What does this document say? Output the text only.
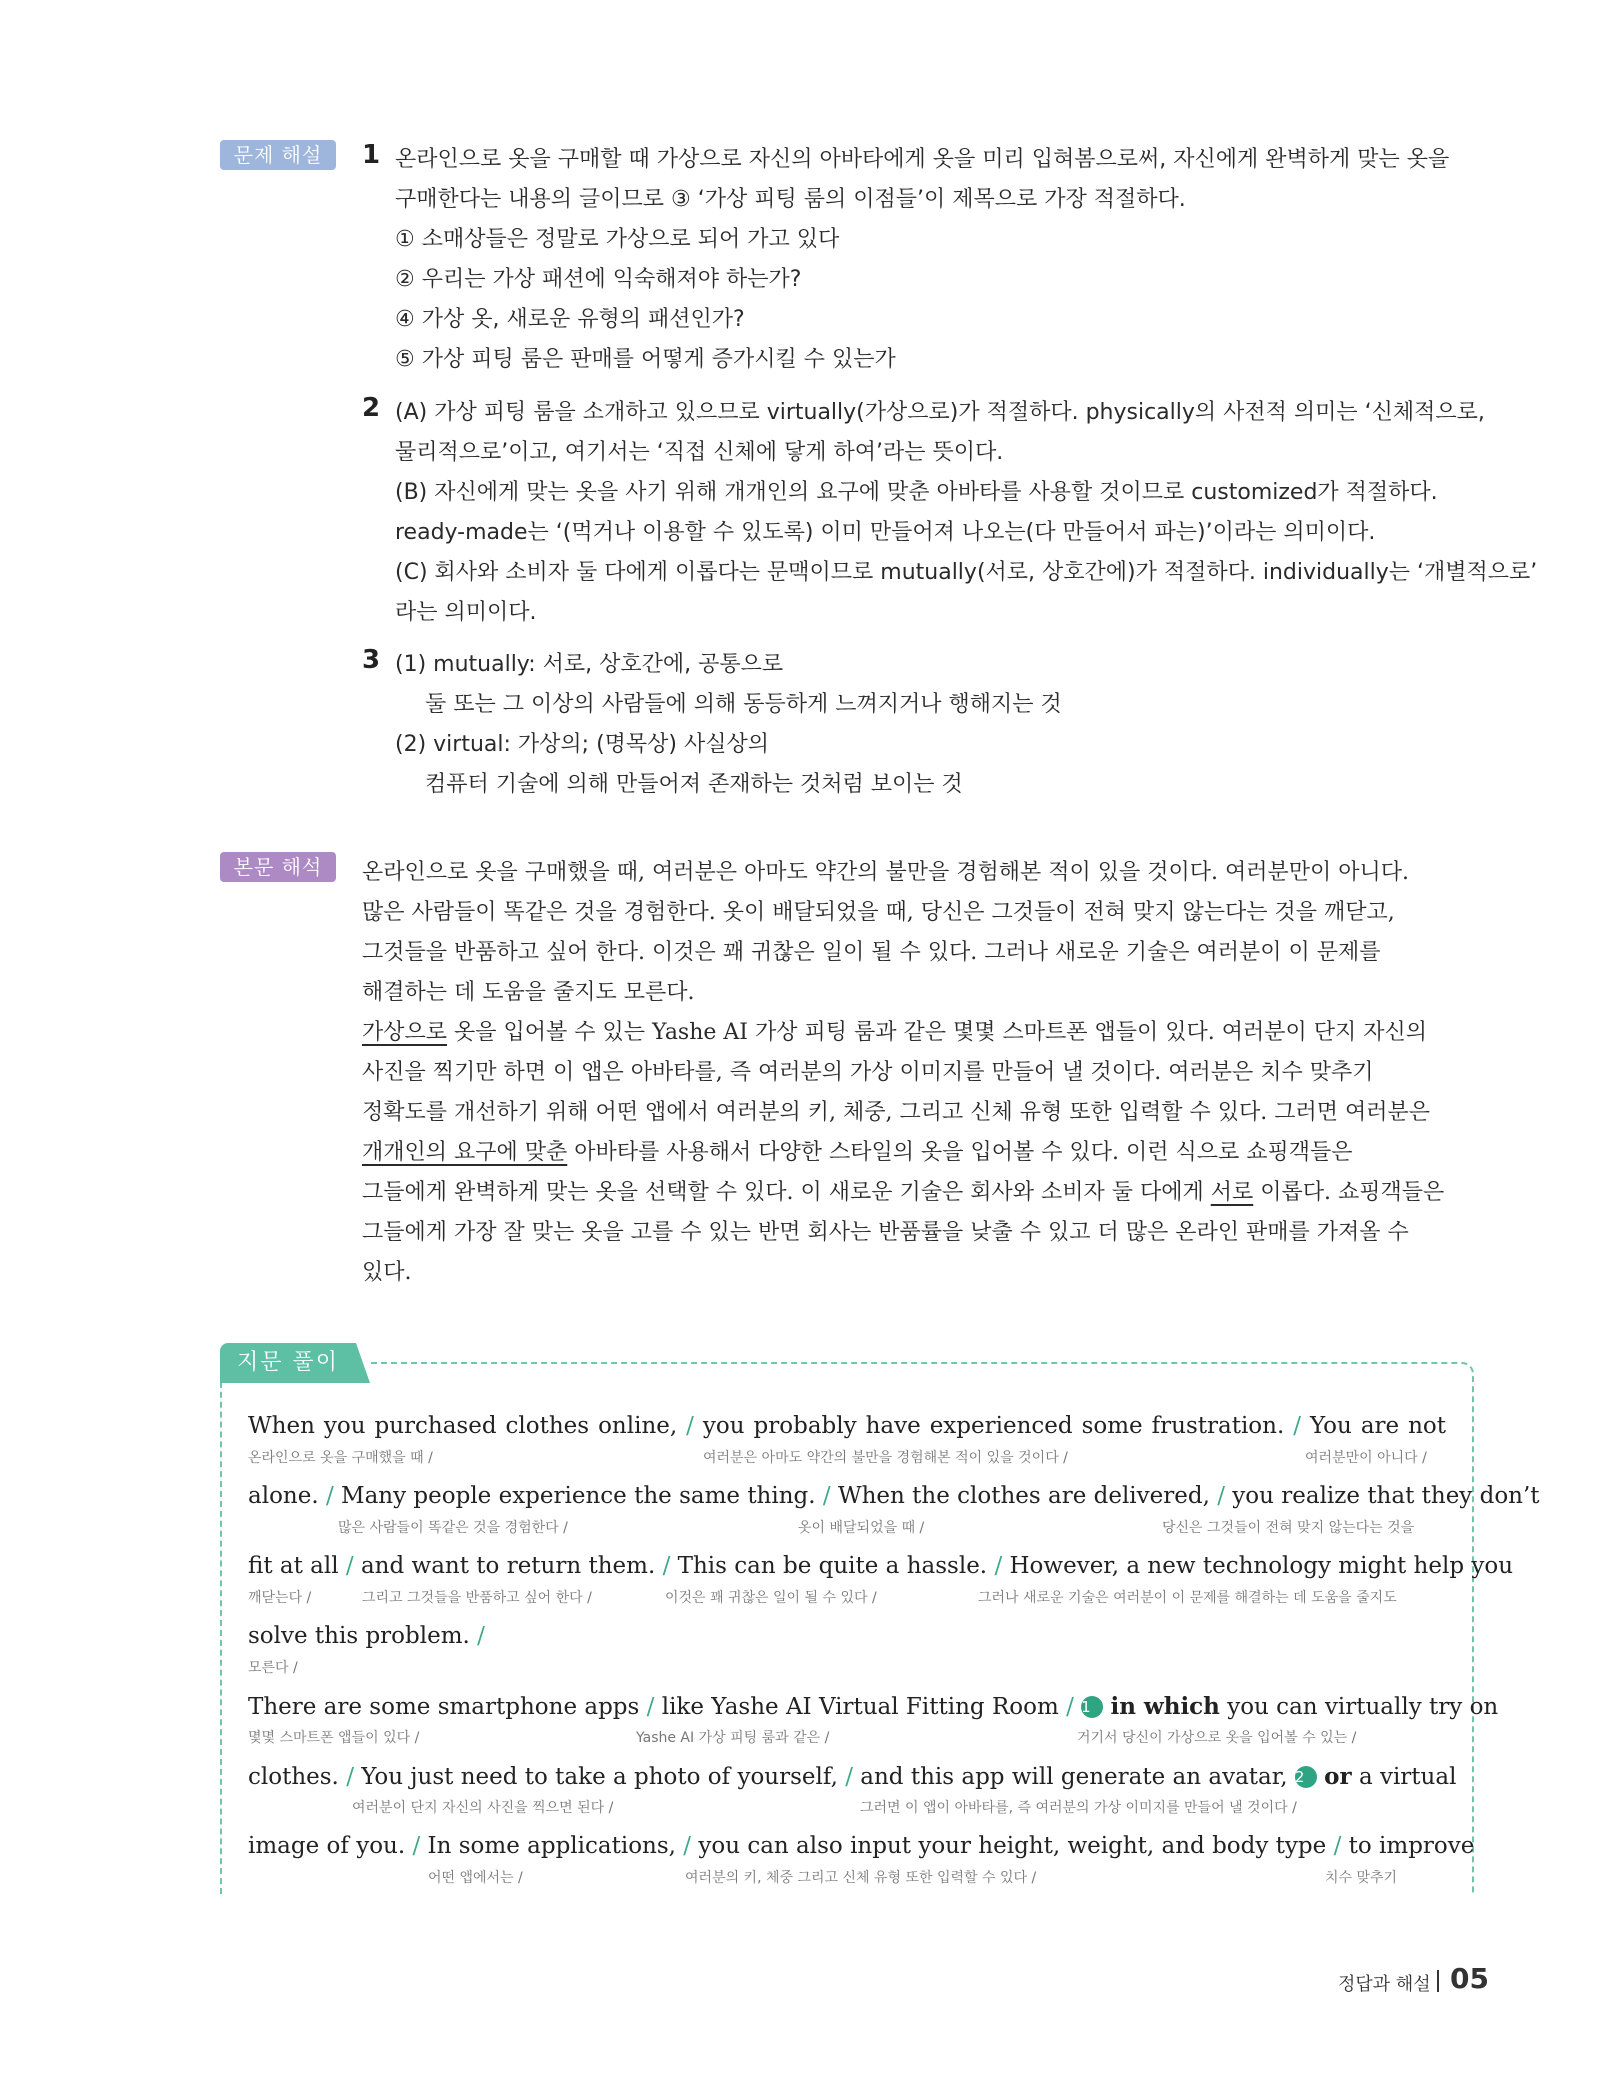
문제 해설	1 온라인으로 옷을 구매할 때 가상으로 자신의 아바타에게 옷을 미리 입혀봄으로써, 자신에게 완벽하게 맞는 옷을
구매한다는 내용의 글이므로 ③ ‘가상 피팅 룸의 이점들’이 제목으로 가장 적절하다.
① 소매상들은 정말로 가상으로 되어 가고 있다
② 우리는 가상 패션에 익숙해져야 하는가?
④ 가상 옷, 새로운 유형의 패션인가?
⑤ 가상 피팅 룸은 판매를 어떻게 증가시킬 수 있는가
2 (A) 가상 피팅 룸을 소개하고 있으므로 virtually(가상으로)가 적절하다. physically의 사전적 의미는 ‘신체적으로,
물리적으로’이고, 여기서는 ‘직접 신체에 닿게 하여’라는 뜻이다.
(B) 자신에게 맞는 옷을 사기 위해 개개인의 요구에 맞춘 아바타를 사용할 것이므로 customized가 적절하다.
ready-made는 ‘(먹거나 이용할 수 있도록) 이미 만들어져 나오는(다 만들어서 파는)’이라는 의미이다.
(C) 회사와 소비자 둘 다에게 이롭다는 문맥이므로 mutually(서로, 상호간에)가 적절하다. individually는 ‘개별적으로’
라는 의미이다.
3 (1) mutually: 서로, 상호간에, 공통으로
둘 또는 그 이상의 사람들에 의해 동등하게 느껴지거나 행해지는 것
(2) virtual: 가상의; (명목상) 사실상의
컴퓨터 기술에 의해 만들어져 존재하는 것처럼 보이는 것
본문 해석	온라인으로 옷을 구매했을 때, 여러분은 아마도 약간의 불만을 경험해본 적이 있을 것이다. 여러분만이 아니다.
많은 사람들이 똑같은 것을 경험한다. 옷이 배달되었을 때, 당신은 그것들이 전혀 맞지 않는다는 것을 깨닫고,
그것들을 반품하고 싶어 한다. 이것은 꽤 귀찮은 일이 될 수 있다. 그러나 새로운 기술은 여러분이 이 문제를
해결하는 데 도움을 줄지도 모른다.
가상으로 옷을 입어볼 수 있는 Yashe AI 가상 피팅 룸과 같은 몇몇 스마트폰 앱들이 있다. 여러분이 단지 자신의
사진을 찍기만 하면 이 앱은 아바타를, 즉 여러분의 가상 이미지를 만들어 낼 것이다. 여러분은 치수 맞추기
정확도를 개선하기 위해 어떤 앱에서 여러분의 키, 체중, 그리고 신체 유형 또한 입력할 수 있다. 그러면 여러분은
개개인의 요구에 맞춘 아바타를 사용해서 다양한 스타일의 옷을 입어볼 수 있다. 이런 식으로 쇼핑객들은
그들에게 완벽하게 맞는 옷을 선택할 수 있다. 이 새로운 기술은 회사와 소비자 둘 다에게 서로 이롭다. 쇼핑객들은
그들에게 가장 잘 맞는 옷을 고를 수 있는 반면 회사는 반품률을 낮출 수 있고 더 많은 온라인 판매를 가져올 수
있다.
지문 풀이
When you purchased clothes online, / you probably have experienced some frustration. / You are not
온라인으로 옷을 구매했을 때 /	여러분은 아마도 약간의 불만을 경험해본 적이 있을 것이다 /	여러분만이 아니다 /
alone. / Many people experience the same thing. / When the clothes are delivered, / you realize that they don’t
많은 사람들이 똑같은 것을 경험한다 /	옷이 배달되었을 때 /	당신은 그것들이 전혀 맞지 않는다는 것을
fit at all / and want to return them. / This can be quite a hassle. / However, a new technology might help you
깨닫는다 /	그리고 그것들을 반품하고 싶어 한다 /	이것은 꽤 귀찮은 일이 될 수 있다 /	그러나 새로운 기술은 여러분이 이 문제를 해결하는 데 도움을 줄지도
solve this problem. /
모른다 /
There are some smartphone apps / like Yashe AI Virtual Fitting Room / 1 in which you can virtually try on
몇몇 스마트폰 앱들이 있다 /	Yashe AI 가상 피팅 룸과 같은 /	거기서 당신이 가상으로 옷을 입어볼 수 있는 /
clothes. / You just need to take a photo of yourself, / and this app will generate an avatar, 2 or a virtual
여러분이 단지 자신의 사진을 찍으면 된다 /	그러면 이 앱이 아바타를, 즉 여러분의 가상 이미지를 만들어 낼 것이다 /
image of you. / In some applications, / you can also input your height, weight, and body type / to improve
어떤 앱에서는 /	여러분의 키, 체중 그리고 신체 유형 또한 입력할 수 있다 /	치수 맞추기
정답과 해설 05
